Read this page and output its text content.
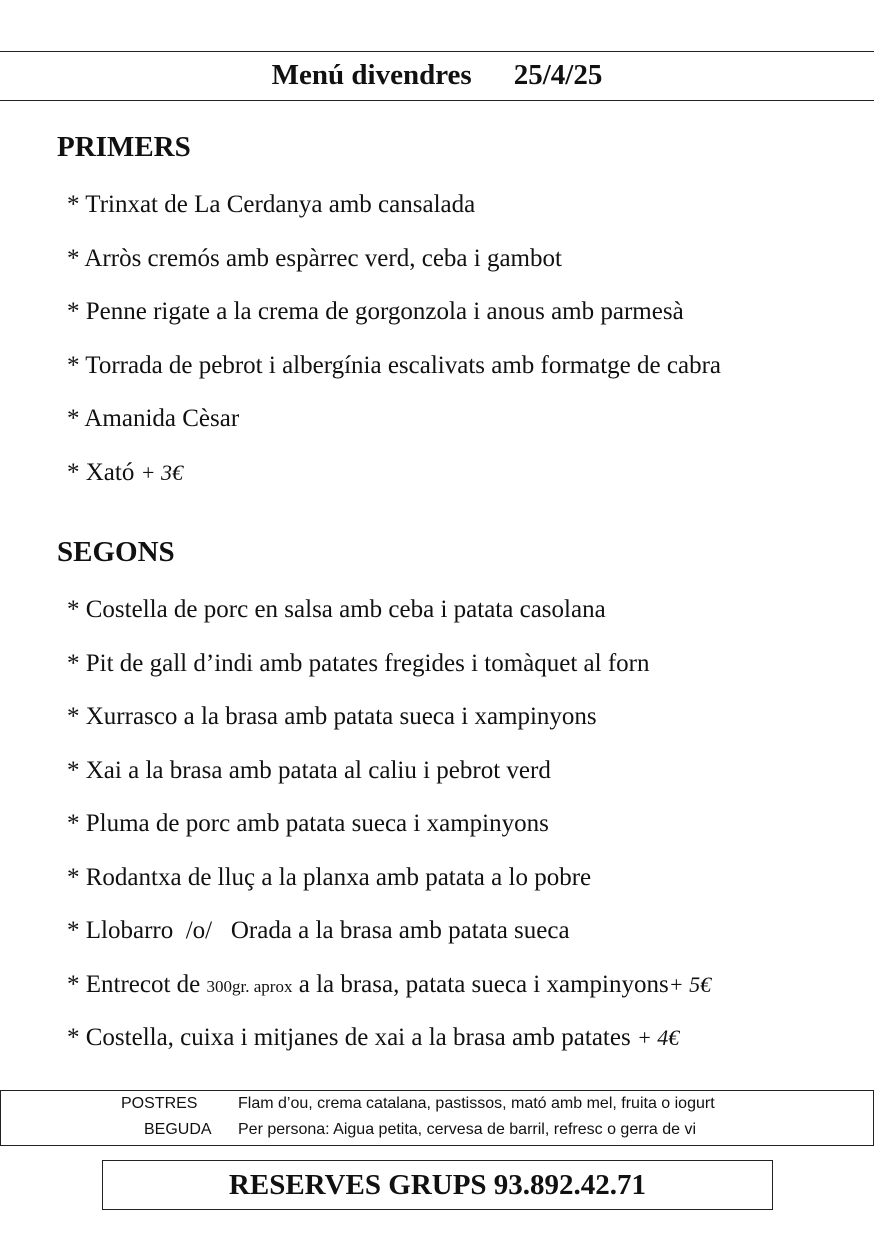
Menú divendres 25/4/25
PRIMERS
* Trinxat de La Cerdanya amb cansalada
* Arròs cremós amb espàrrec verd, ceba i gambot
* Penne rigate a la crema de gorgonzola i anous amb parmesà
* Torrada de pebrot i albergínia escalivats amb formatge de cabra
* Amanida Cèsar
* Xató + 3€
SEGONS
* Costella de porc en salsa amb ceba i patata casolana
* Pit de gall d’indi amb patates fregides i tomàquet al forn
* Xurrasco a la brasa amb patata sueca i xampinyons
* Xai a la brasa amb patata al caliu i pebrot verd
* Pluma de porc amb patata sueca i xampinyons
* Rodantxa de lluç a la planxa amb patata a lo pobre
* Llobarro  /o/   Orada a la brasa amb patata sueca
* Entrecot de 300gr. aprox a la brasa, patata sueca i xampinyons+ 5€
* Costella, cuixa i mitjanes de xai a la brasa amb patates + 4€
POSTRES	Flam d’ou, crema catalana, pastissos, mató amb mel, fruita o iogurt
BEGUDA Per persona: Aigua petita, cervesa de barril, refresc o gerra de vi
RESERVES GRUPS 93.892.42.71
